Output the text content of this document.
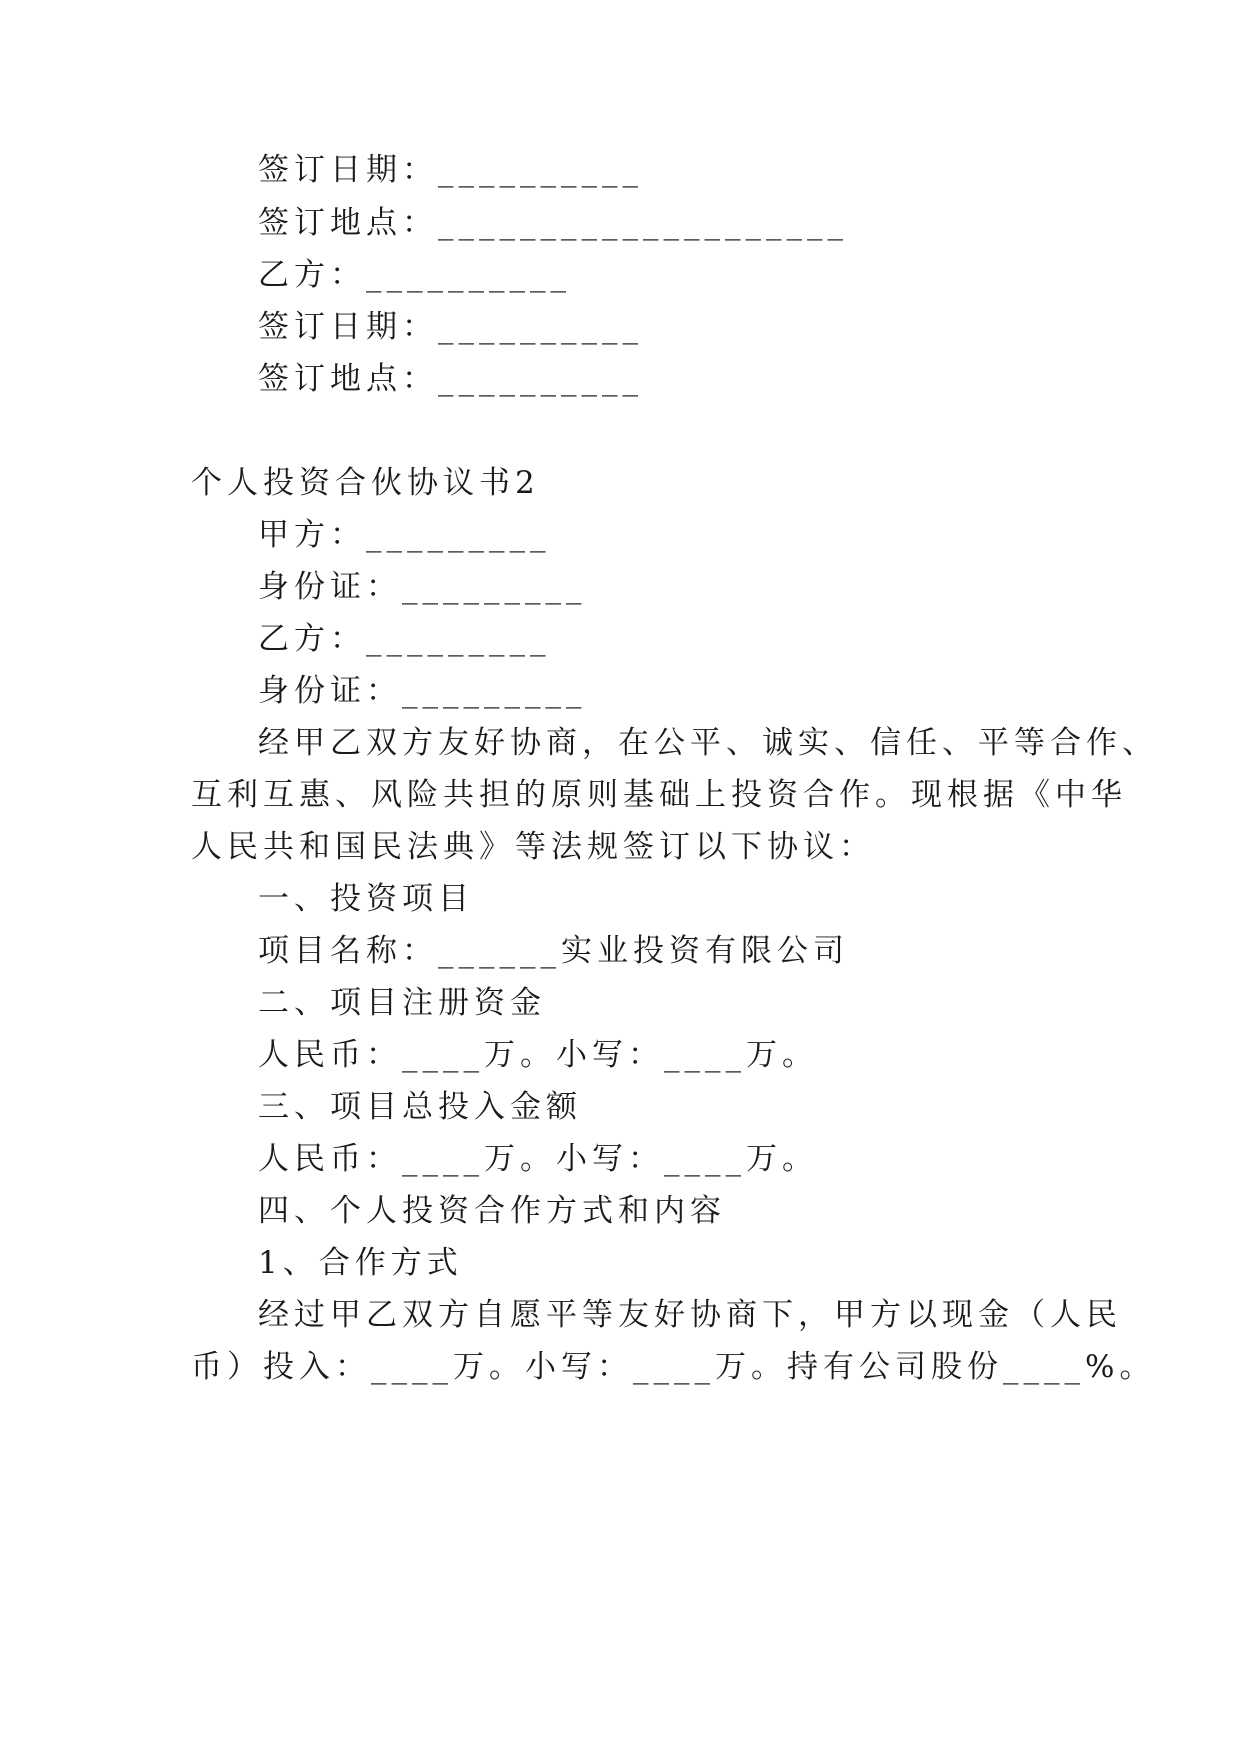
签订日期：__________
签订地点：____________________
乙方：__________
签订日期：__________
签订地点：__________
个人投资合伙协议书2
甲方：_________
身份证：_________
乙方：_________
身份证：_________
经甲乙双方友好协商，在公平、诚实、信任、平等合作、
互利互惠、风险共担的原则基础上投资合作。现根据《中华
人民共和国民法典》等法规签订以下协议：
一、投资项目
项目名称：______实业投资有限公司
二、项目注册资金
人民币：____万。小写：____万。
三、项目总投入金额
人民币：____万。小写：____万。
四、个人投资合作方式和内容
1、合作方式
经过甲乙双方自愿平等友好协商下，甲方以现金（人民
币）投入：____万。小写：____万。持有公司股份____%。
